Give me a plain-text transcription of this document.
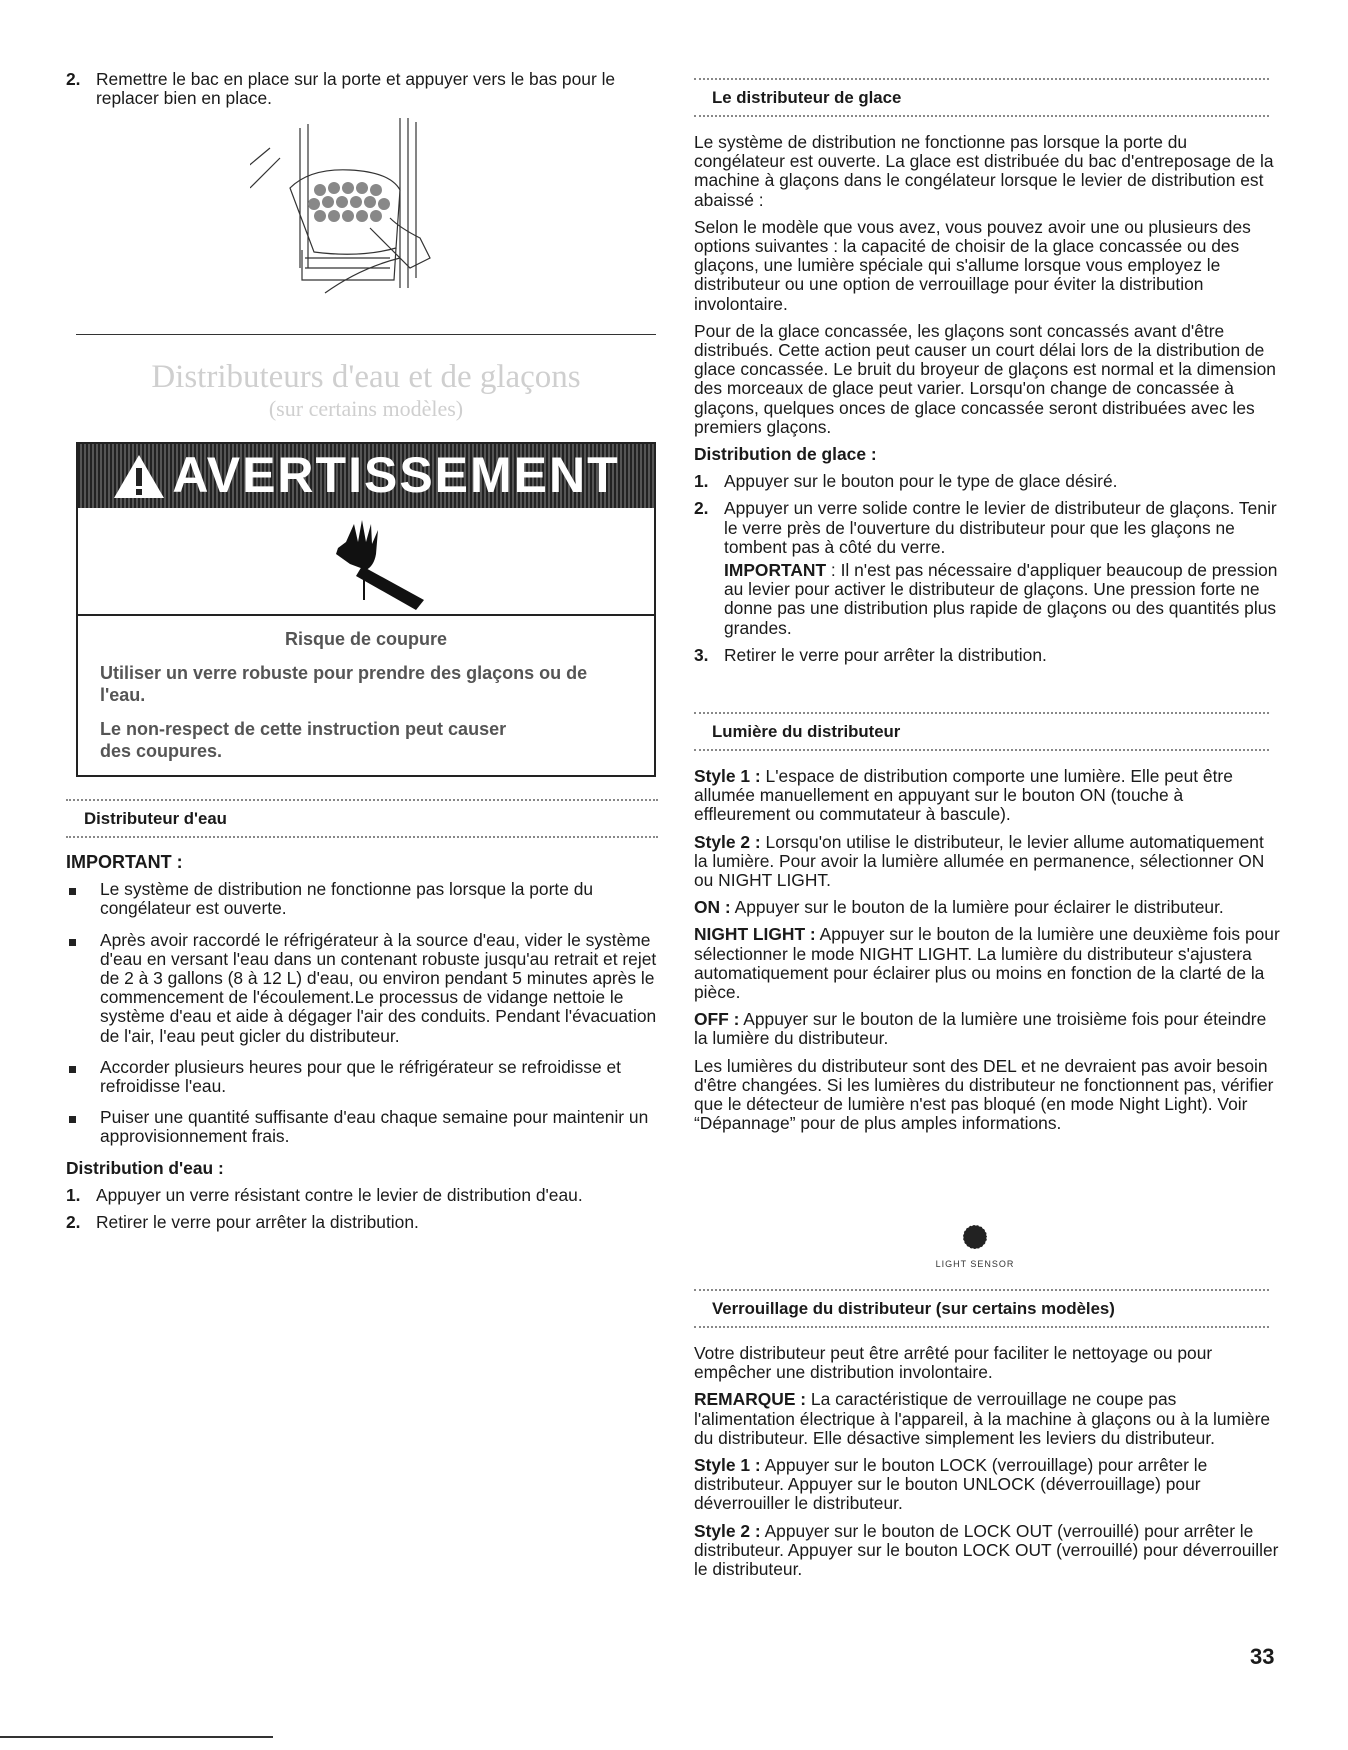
2. Remettre le bac en place sur la porte et appuyer vers le bas pour le replacer bien en place.
Distributeurs d'eau et de glaçons
(sur certains modèles)
AVERTISSEMENT
Risque de coupure
Utiliser un verre robuste pour prendre des glaçons ou de l'eau.
Le non-respect de cette instruction peut causer des coupures.
Distributeur d'eau
IMPORTANT :
Le système de distribution ne fonctionne pas lorsque la porte du congélateur est ouverte.
Après avoir raccordé le réfrigérateur à la source d'eau, vider le système d'eau en versant l'eau dans un contenant robuste jusqu'au retrait et rejet de 2 à 3 gallons (8 à 12 L) d'eau, ou environ pendant 5 minutes après le commencement de l'écoulement.Le processus de vidange nettoie le système d'eau et aide à dégager l'air des conduits. Pendant l'évacuation de l'air, l'eau peut gicler du distributeur.
Accorder plusieurs heures pour que le réfrigérateur se refroidisse et refroidisse l'eau.
Puiser une quantité suffisante d'eau chaque semaine pour maintenir un approvisionnement frais.
Distribution d'eau :
1. Appuyer un verre résistant contre le levier de distribution d'eau.
2. Retirer le verre pour arrêter la distribution.
Le distributeur de glace

Le système de distribution ne fonctionne pas lorsque la porte du congélateur est ouverte. La glace est distribuée du bac d'entreposage de la machine à glaçons dans le congélateur lorsque le levier de distribution est abaissé :

Selon le modèle que vous avez, vous pouvez avoir une ou plusieurs des options suivantes : la capacité de choisir de la glace concassée ou des glaçons, une lumière spéciale qui s'allume lorsque vous employez le distributeur ou une option de verrouillage pour éviter la distribution involontaire.

Pour de la glace concassée, les glaçons sont concassés avant d'être distribués. Cette action peut causer un court délai lors de la distribution de glace concassée. Le bruit du broyeur de glaçons est normal et la dimension des morceaux de glace peut varier. Lorsqu'on change de concassée à glaçons, quelques onces de glace concassée seront distribuées avec les premiers glaçons.

Distribution de glace :
1. Appuyer sur le bouton pour le type de glace désiré.
2. Appuyer un verre solide contre le levier de distributeur de glaçons. Tenir le verre près de l'ouverture du distributeur pour que les glaçons ne tombent pas à côté du verre.

IMPORTANT : Il n'est pas nécessaire d'appliquer beaucoup de pression au levier pour activer le distributeur de glaçons. Une pression forte ne donne pas une distribution plus rapide de glaçons ou des quantités plus grandes.

3. Retirer le verre pour arrêter la distribution.
Lumière du distributeur

Style 1 : L'espace de distribution comporte une lumière. Elle peut être allumée manuellement en appuyant sur le bouton ON (touche à effleurement ou commutateur à bascule).

Style 2 : Lorsqu'on utilise le distributeur, le levier allume automatiquement la lumière. Pour avoir la lumière allumée en permanence, sélectionner ON ou NIGHT LIGHT.

ON : Appuyer sur le bouton de la lumière pour éclairer le distributeur.

NIGHT LIGHT : Appuyer sur le bouton de la lumière une deuxième fois pour sélectionner le mode NIGHT LIGHT. La lumière du distributeur s'ajustera automatiquement pour éclairer plus ou moins en fonction de la clarté de la pièce.

OFF : Appuyer sur le bouton de la lumière une troisième fois pour éteindre la lumière du distributeur.

Les lumières du distributeur sont des DEL et ne devraient pas avoir besoin d'être changées. Si les lumières du distributeur ne fonctionnent pas, vérifier que le détecteur de lumière n'est pas bloqué (en mode Night Light). Voir “Dépannage” pour de plus amples informations.

LIGHT SENSOR
Verrouillage du distributeur (sur certains modèles)

Votre distributeur peut être arrêté pour faciliter le nettoyage ou pour empêcher une distribution involontaire.

REMARQUE : La caractéristique de verrouillage ne coupe pas l'alimentation électrique à l'appareil, à la machine à glaçons ou à la lumière du distributeur. Elle désactive simplement les leviers du distributeur.

Style 1 : Appuyer sur le bouton LOCK (verrouillage) pour arrêter le distributeur. Appuyer sur le bouton UNLOCK (déverrouillage) pour déverrouiller le distributeur.

Style 2 : Appuyer sur le bouton de LOCK OUT (verrouillé) pour arrêter le distributeur. Appuyer sur le bouton LOCK OUT (verrouillé) pour déverrouiller le distributeur.

33
